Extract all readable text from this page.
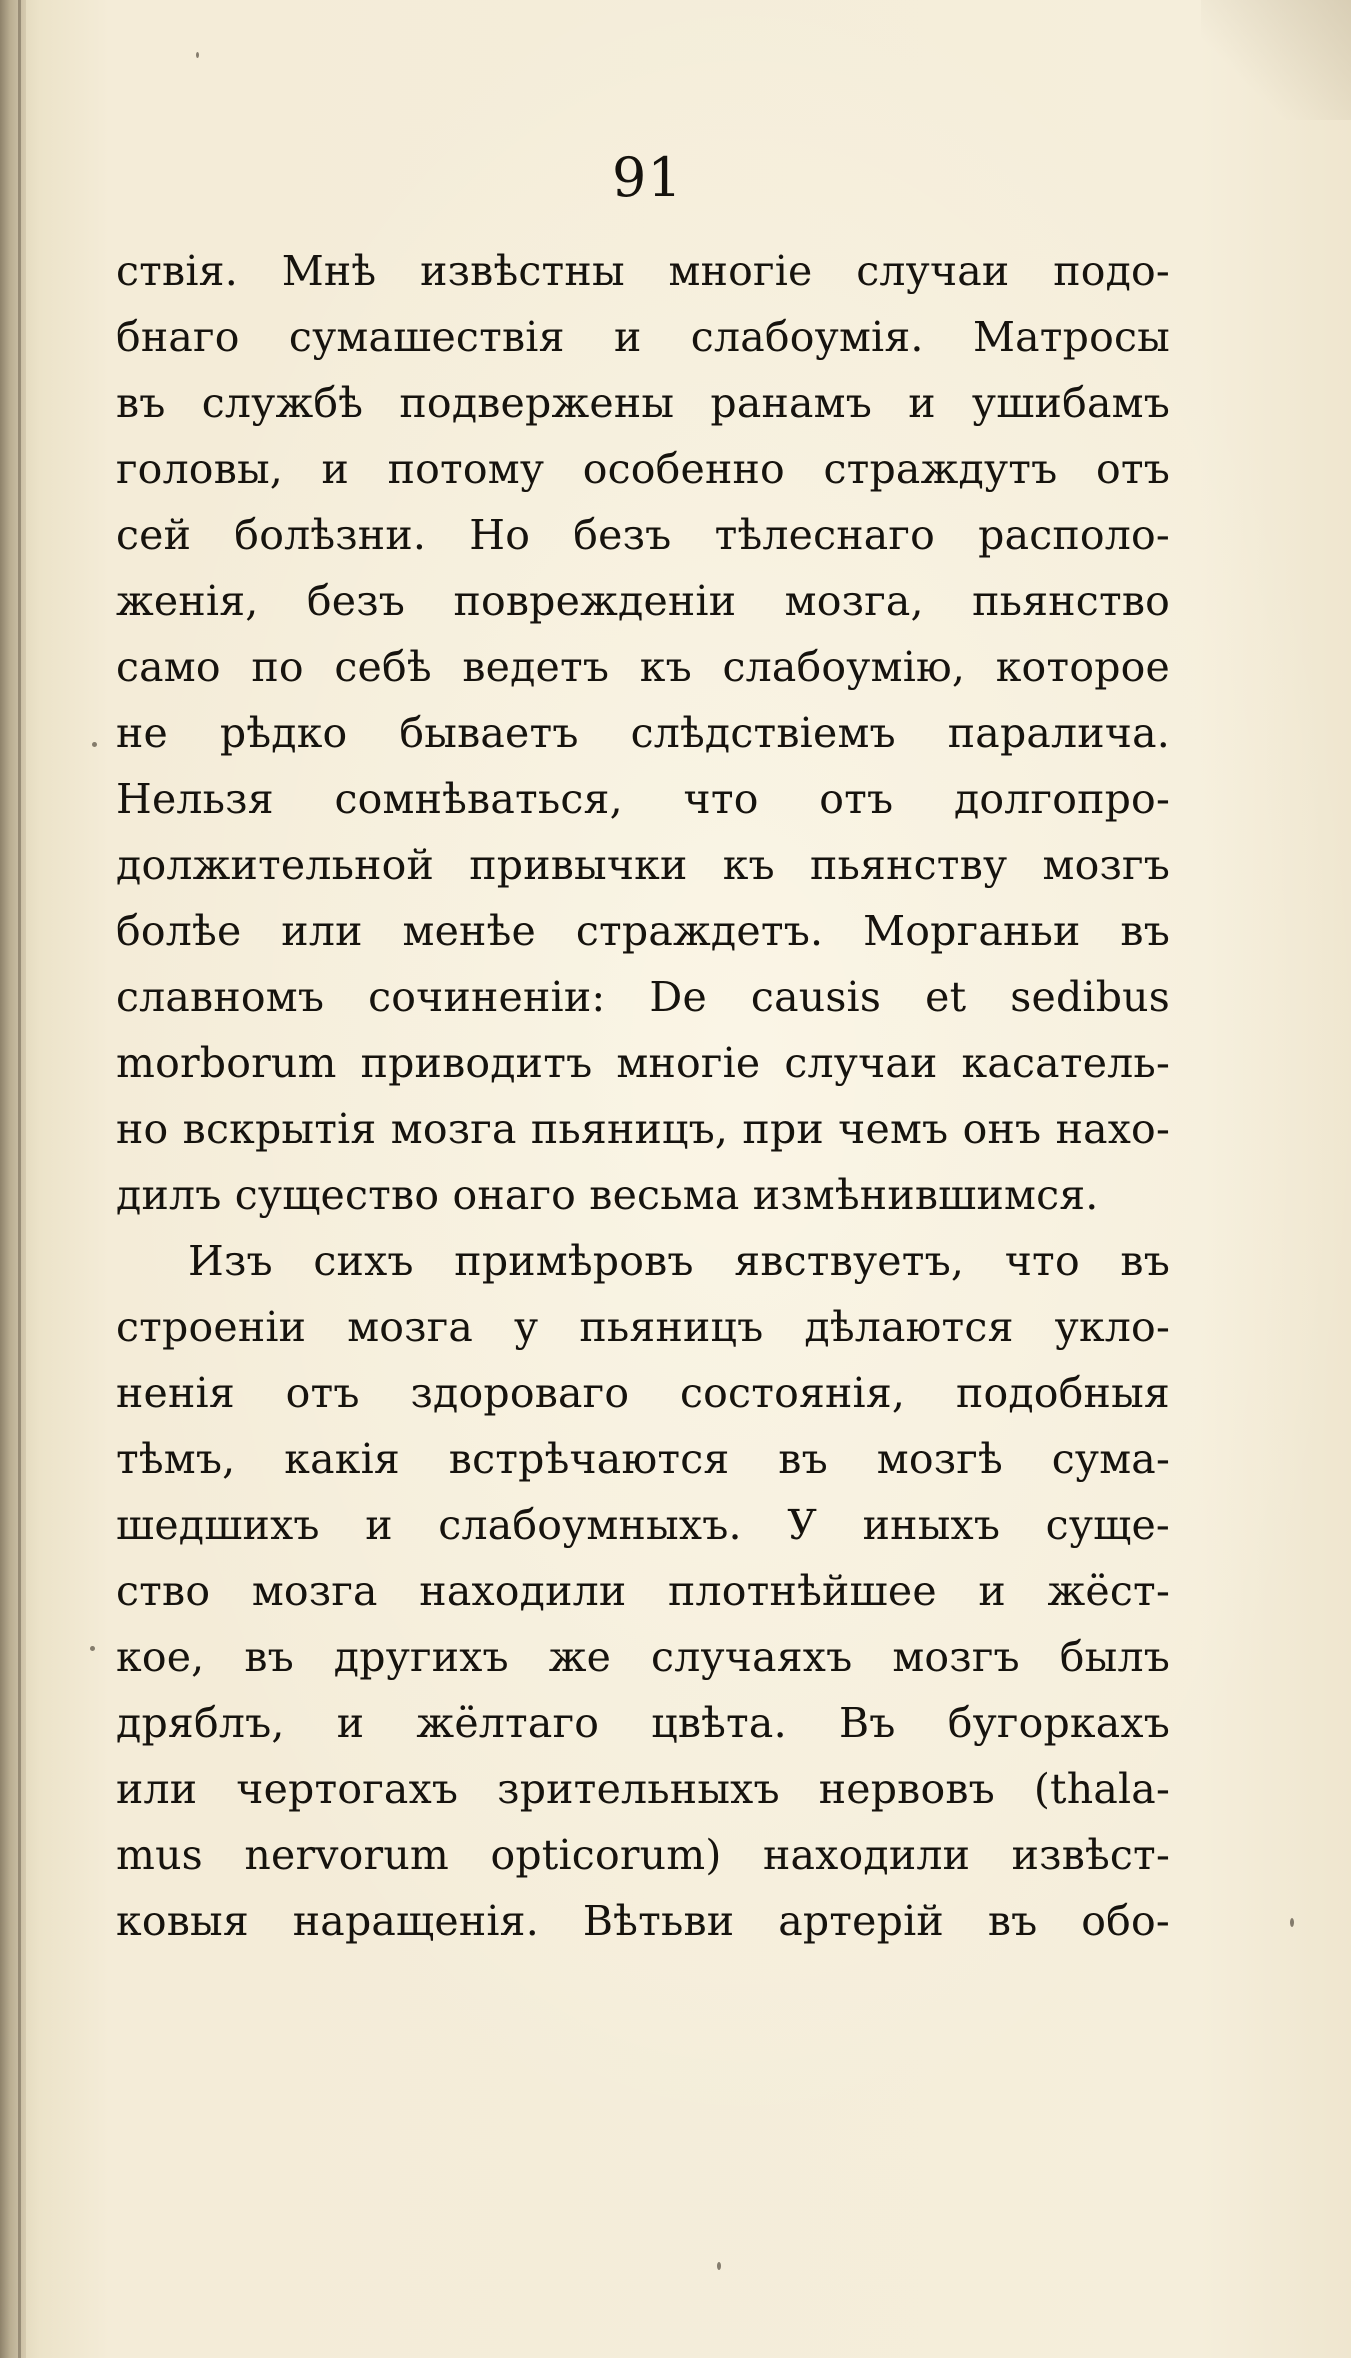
91
ствія. Мнѣ извѣстны многіе случаи подо-
бнаго сумашествія и слабоумія. Матросы
въ службѣ подвержены ранамъ и ушибамъ
головы, и потому особенно страждутъ отъ
сей болѣзни. Но безъ тѣлеснаго располо-
женія, безъ поврежденіи мозга, пьянство
само по себѣ ведетъ къ слабоумію, которое
не рѣдко бываетъ слѣдствіемъ паралича.
Нельзя сомнѣваться, что отъ долгопро-
должительной привычки къ пьянству мозгъ
болѣе или менѣе страждетъ. Морганьи въ
славномъ сочиненіи: De causis et sedibus
morborum приводитъ многіе случаи касатель-
но вскрытія мозга пьяницъ, при чемъ онъ нахо-
дилъ существо онаго весьма измѣнившимся.
Изъ сихъ примѣровъ явствуетъ, что въ
строеніи мозга у пьяницъ дѣлаются укло-
ненія отъ здороваго состоянія, подобныя
тѣмъ, какія встрѣчаются въ мозгѣ сума-
шедшихъ и слабоумныхъ. У иныхъ суще-
ство мозга находили плотнѣйшее и жёст-
кое, въ другихъ же случаяхъ мозгъ былъ
дряблъ, и жёлтаго цвѣта. Въ бугоркахъ
или чертогахъ зрительныхъ нервовъ (thala-
mus nervorum opticorum) находили извѣст-
ковыя наращенія. Вѣтьви артерій въ обо-
